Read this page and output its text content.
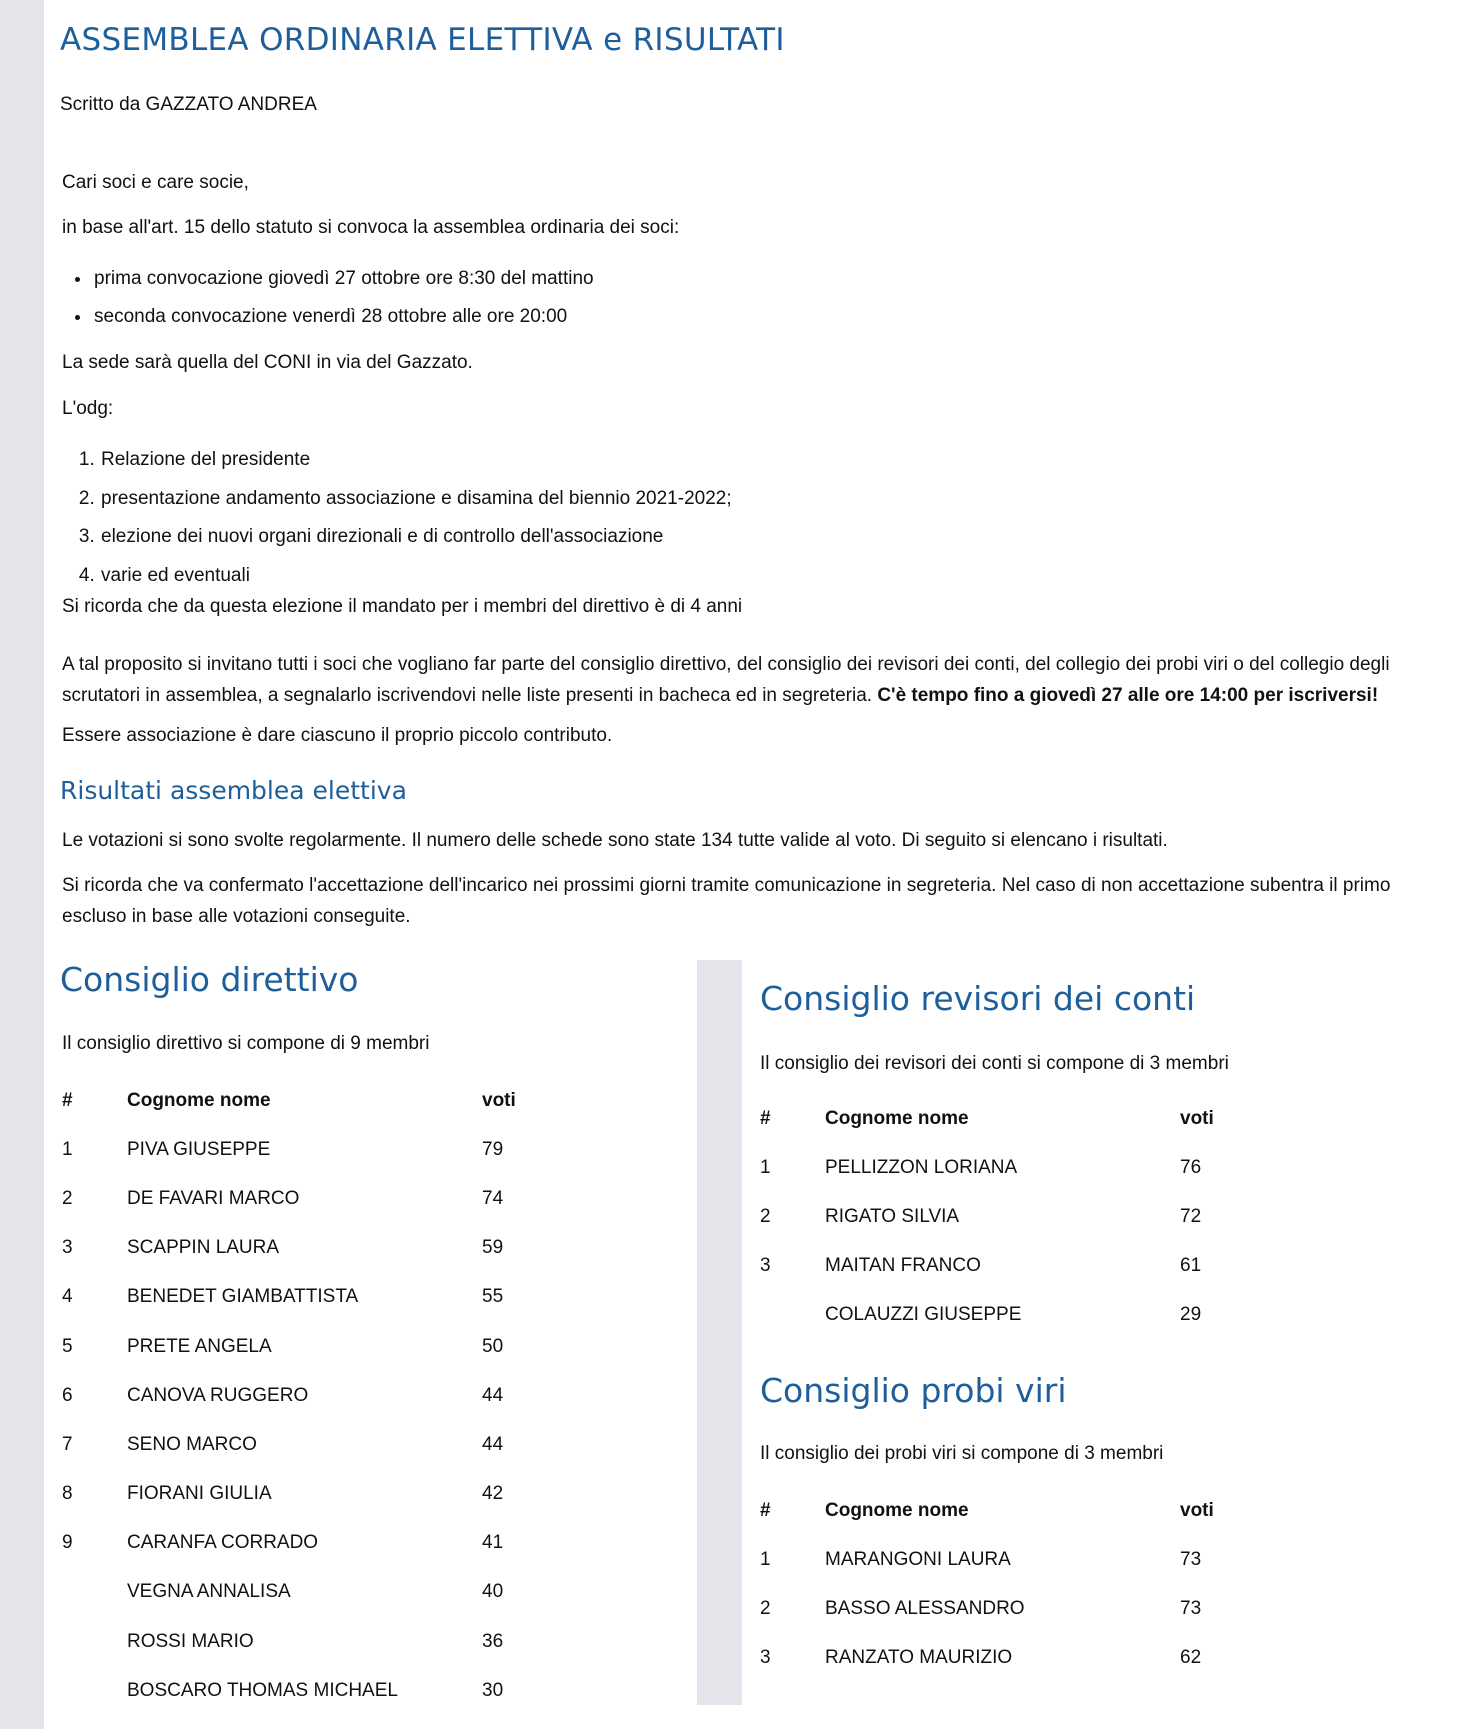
ASSEMBLEA ORDINARIA ELETTIVA e RISULTATI
Scritto da GAZZATO ANDREA

Cari soci e care socie,

in base all'art. 15 dello statuto si convoca la assemblea ordinaria dei soci:

• prima convocazione giovedì 27 ottobre ore 8:30 del mattino
• seconda convocazione venerdì 28 ottobre alle ore 20:00

La sede sarà quella del CONI in via del Gazzato.

L'odg:

1. Relazione del presidente
2. presentazione andamento associazione e disamina del biennio 2021-2022;
3. elezione dei nuovi organi direzionali e di controllo dell'associazione
4. varie ed eventuali

Si ricorda che da questa elezione il mandato per i membri del direttivo è di 4 anni

A tal proposito si invitano tutti i soci che vogliano far parte del consiglio direttivo, del consiglio dei revisori dei conti, del collegio dei probi viri o del collegio degli scrutatori in assemblea, a segnalarlo iscrivendovi nelle liste presenti in bacheca ed in segreteria. C'è tempo fino a giovedì 27 alle ore 14:00 per iscriversi!

Essere associazione è dare ciascuno il proprio piccolo contributo.

Risultati assemblea elettiva

Le votazioni si sono svolte regolarmente. Il numero delle schede sono state 134 tutte valide al voto. Di seguito si elencano i risultati.

Si ricorda che va confermato l'accettazione dell'incarico nei prossimi giorni tramite comunicazione in segreteria. Nel caso di non accettazione subentra il primo escluso in base alle votazioni conseguite.

Consiglio direttivo
Il consiglio direttivo si compone di 9 membri
#	Cognome nome	voti
1	PIVA GIUSEPPE	79
2	DE FAVARI MARCO	74
3	SCAPPIN LAURA	59
4	BENEDET GIAMBATTISTA	55
5	PRETE ANGELA	50
6	CANOVA RUGGERO	44
7	SENO MARCO	44
8	FIORANI GIULIA	42
9	CARANFA CORRADO	41
	VEGNA ANNALISA	40
	ROSSI MARIO	36
	BOSCARO THOMAS MICHAEL	30
Consiglio revisori dei conti
Il consiglio dei revisori dei conti si compone di 3 membri
#	Cognome nome	voti
1	PELLIZZON LORIANA	76
2	RIGATO SILVIA	72
3	MAITAN FRANCO	61
	COLAUZZI GIUSEPPE	29
Consiglio probi viri
Il consiglio dei probi viri si compone di 3 membri
#	Cognome nome	voti
1	MARANGONI LAURA	73
2	BASSO ALESSANDRO	73
3	RANZATO MAURIZIO	62
